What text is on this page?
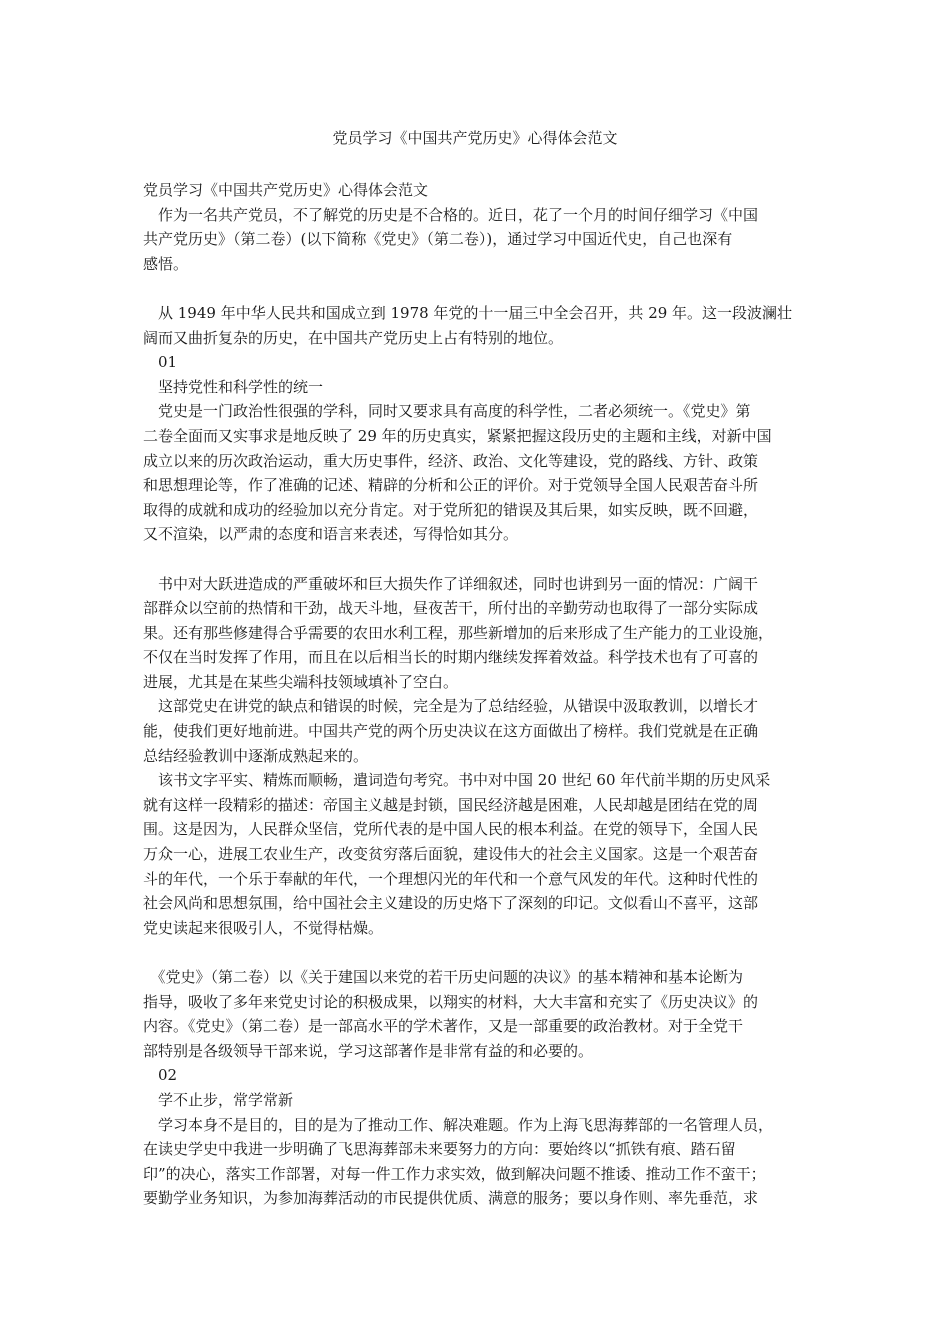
党员学习《中国共产党历史》心得体会范文
党员学习《中国共产党历史》心得体会范文
　作为一名共产党员，不了解党的历史是不合格的。近日，花了一个月的时间仔细学习《中国
共产党历史》（第二卷）(以下简称《党史》（第二卷）)，通过学习中国近代史，自己也深有
感悟。
　从 1949 年中华人民共和国成立到 1978 年党的十一届三中全会召开，共 29 年。这一段波澜壮
阔而又曲折复杂的历史，在中国共产党历史上占有特别的地位。
　01
　坚持党性和科学性的统一
　党史是一门政治性很强的学科，同时又要求具有高度的科学性，二者必须统一。《党史》第
二卷全面而又实事求是地反映了 29 年的历史真实，紧紧把握这段历史的主题和主线，对新中国
成立以来的历次政治运动，重大历史事件，经济、政治、文化等建设，党的路线、方针、政策
和思想理论等，作了准确的记述、精辟的分析和公正的评价。对于党领导全国人民艰苦奋斗所
取得的成就和成功的经验加以充分肯定。对于党所犯的错误及其后果，如实反映，既不回避，
又不渲染，以严肃的态度和语言来表述，写得恰如其分。
　书中对大跃进造成的严重破坏和巨大损失作了详细叙述，同时也讲到另一面的情况：广阔干
部群众以空前的热情和干劲，战天斗地，昼夜苦干，所付出的辛勤劳动也取得了一部分实际成
果。还有那些修建得合乎需要的农田水利工程，那些新增加的后来形成了生产能力的工业设施，
不仅在当时发挥了作用，而且在以后相当长的时期内继续发挥着效益。科学技术也有了可喜的
进展，尤其是在某些尖端科技领域填补了空白。
　这部党史在讲党的缺点和错误的时候，完全是为了总结经验，从错误中汲取教训，以增长才
能，使我们更好地前进。中国共产党的两个历史决议在这方面做出了榜样。我们党就是在正确
总结经验教训中逐渐成熟起来的。
　该书文字平实、精炼而顺畅，遣词造句考究。书中对中国 20 世纪 60 年代前半期的历史风采
就有这样一段精彩的描述：帝国主义越是封锁，国民经济越是困难，人民却越是团结在党的周
围。这是因为，人民群众坚信，党所代表的是中国人民的根本利益。在党的领导下，全国人民
万众一心，进展工农业生产，改变贫穷落后面貌，建设伟大的社会主义国家。这是一个艰苦奋
斗的年代，一个乐于奉献的年代，一个理想闪光的年代和一个意气风发的年代。这种时代性的
社会风尚和思想氛围，给中国社会主义建设的历史烙下了深刻的印记。文似看山不喜平，这部
党史读起来很吸引人，不觉得枯燥。
　《党史》（第二卷）以《关于建国以来党的若干历史问题的决议》的基本精神和基本论断为
指导，吸收了多年来党史讨论的积极成果，以翔实的材料，大大丰富和充实了《历史决议》的
内容。《党史》（第二卷）是一部高水平的学术著作，又是一部重要的政治教材。对于全党干
部特别是各级领导干部来说，学习这部著作是非常有益的和必要的。
　02
　学不止步，常学常新
　学习本身不是目的，目的是为了推动工作、解决难题。作为上海飞思海葬部的一名管理人员，
在读史学史中我进一步明确了飞思海葬部未来要努力的方向：要始终以“抓铁有痕、踏石留
印”的决心，落实工作部署，对每一件工作力求实效，做到解决问题不推诿、推动工作不蛮干；
要勤学业务知识，为参加海葬活动的市民提供优质、满意的服务；要以身作则、率先垂范，求
